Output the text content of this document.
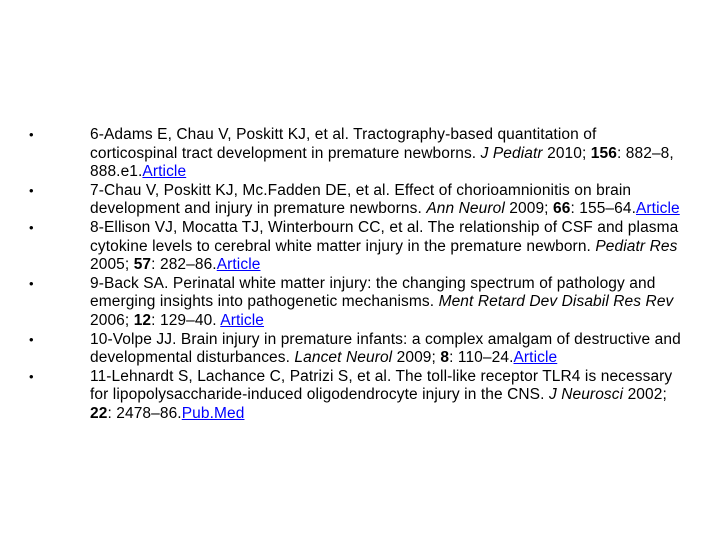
•	6-Adams E, Chau V, Poskitt KJ, et al. Tractography-based quantitation of corticospinal tract development in premature newborns. J Pediatr 2010; 156: 882–8, 888.e1.Article
•	7-Chau V, Poskitt KJ, Mc.Fadden DE, et al. Effect of chorioamnionitis on brain development and injury in premature newborns. Ann Neurol 2009; 66: 155–64.Article
•	8-Ellison VJ, Mocatta TJ, Winterbourn CC, et al. The relationship of CSF and plasma cytokine levels to cerebral white matter injury in the premature newborn. Pediatr Res 2005; 57: 282–86.Article
•	9-Back SA. Perinatal white matter injury: the changing spectrum of pathology and emerging insights into pathogenetic mechanisms. Ment Retard Dev Disabil Res Rev 2006; 12: 129–40. Article
•	10-Volpe JJ. Brain injury in premature infants: a complex amalgam of destructive and developmental disturbances. Lancet Neurol 2009; 8: 110–24.Article
•	11-Lehnardt S, Lachance C, Patrizi S, et al. The toll-like receptor TLR4 is necessary for lipopolysaccharide-induced oligodendrocyte injury in the CNS. J Neurosci 2002; 22: 2478–86.Pub.Med
